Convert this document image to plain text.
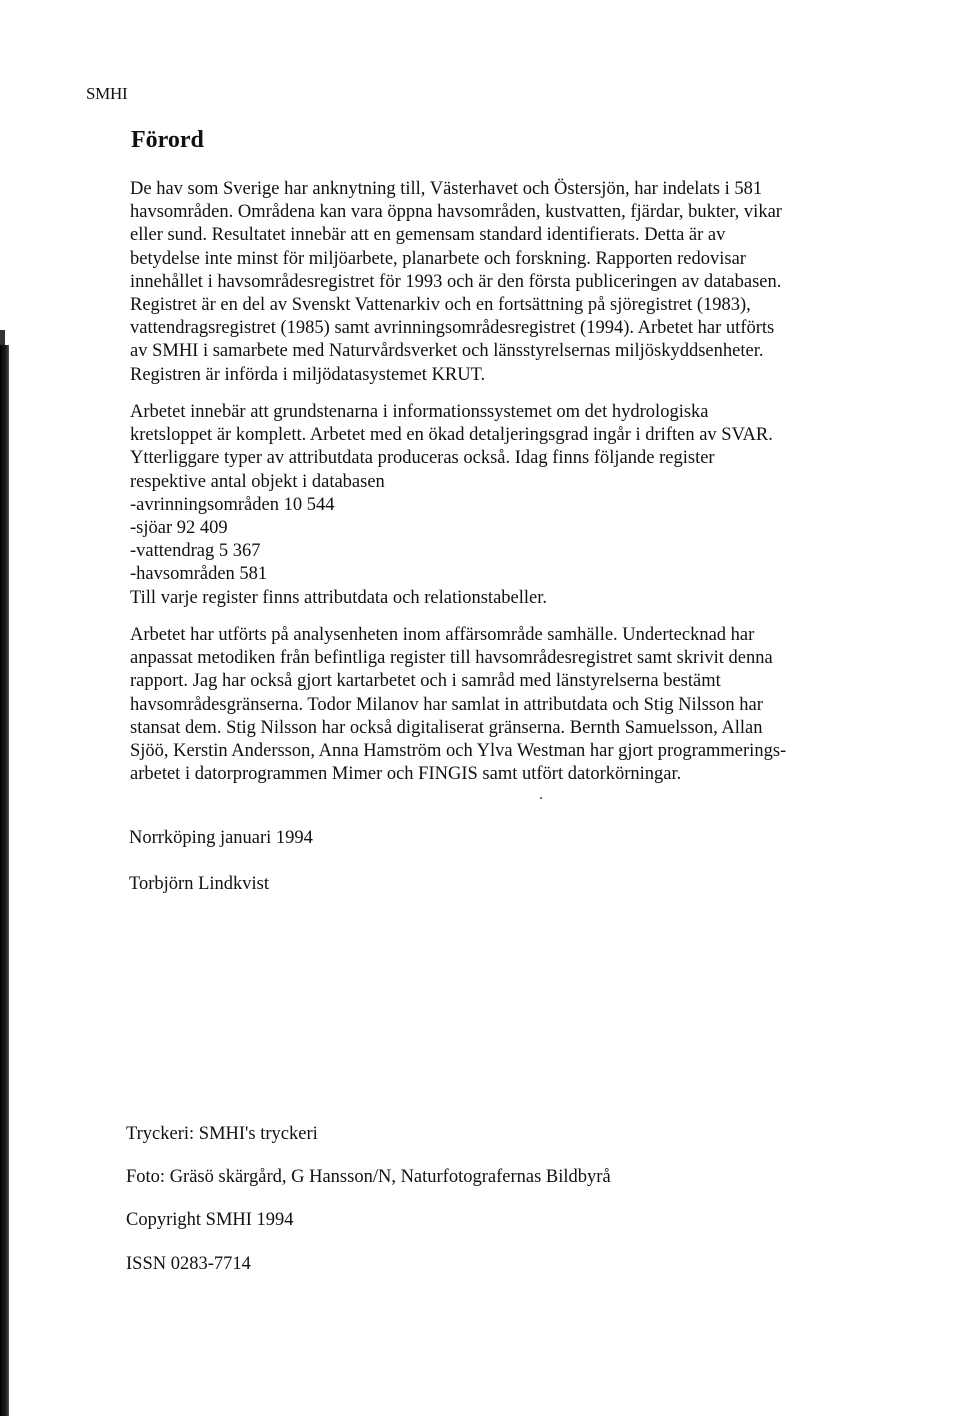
SMHI
Förord
De hav som Sverige har anknytning till, Västerhavet och Östersjön, har indelats i 581
havsområden. Områdena kan vara öppna havsområden, kustvatten, fjärdar, bukter, vikar
eller sund. Resultatet innebär att en gemensam standard identifierats. Detta är av
betydelse inte minst för miljöarbete, planarbete och forskning. Rapporten redovisar
innehållet i havsområdesregistret för 1993 och är den första publiceringen av databasen.
Registret är en del av Svenskt Vattenarkiv och en fortsättning på sjöregistret (1983),
vattendragsregistret (1985) samt avrinningsområdesregistret (1994). Arbetet har utförts
av SMHI i samarbete med Naturvårdsverket och länsstyrelsernas miljöskyddsenheter.
Registren är införda i miljödatasystemet KRUT.
Arbetet innebär att grundstenarna i informationssystemet om det hydrologiska
kretsloppet är komplett. Arbetet med en ökad detaljeringsgrad ingår i driften av SVAR.
Ytterliggare typer av attributdata produceras också. Idag finns följande register
respektive antal objekt i databasen
-avrinningsområden 10 544
-sjöar 92 409
-vattendrag 5 367
-havsområden 581
Till varje register finns attributdata och relationstabeller.
Arbetet har utförts på analysenheten inom affärsområde samhälle. Undertecknad har
anpassat metodiken från befintliga register till havsområdesregistret samt skrivit denna
rapport. Jag har också gjort kartarbetet och i samråd med länstyrelserna bestämt
havsområdesgränserna. Todor Milanov har samlat in attributdata och Stig Nilsson har
stansat dem. Stig Nilsson har också digitaliserat gränserna. Bernth Samuelsson, Allan
Sjöö, Kerstin Andersson, Anna Hamström och Ylva Westman har gjort programmerings-
arbetet i datorprogrammen Mimer och FINGIS samt utfört datorkörningar.
Norrköping januari 1994
Torbjörn Lindkvist
Tryckeri: SMHI's tryckeri
Foto: Gräsö skärgård, G Hansson/N, Naturfotografernas Bildbyrå
Copyright SMHI 1994
ISSN 0283-7714
